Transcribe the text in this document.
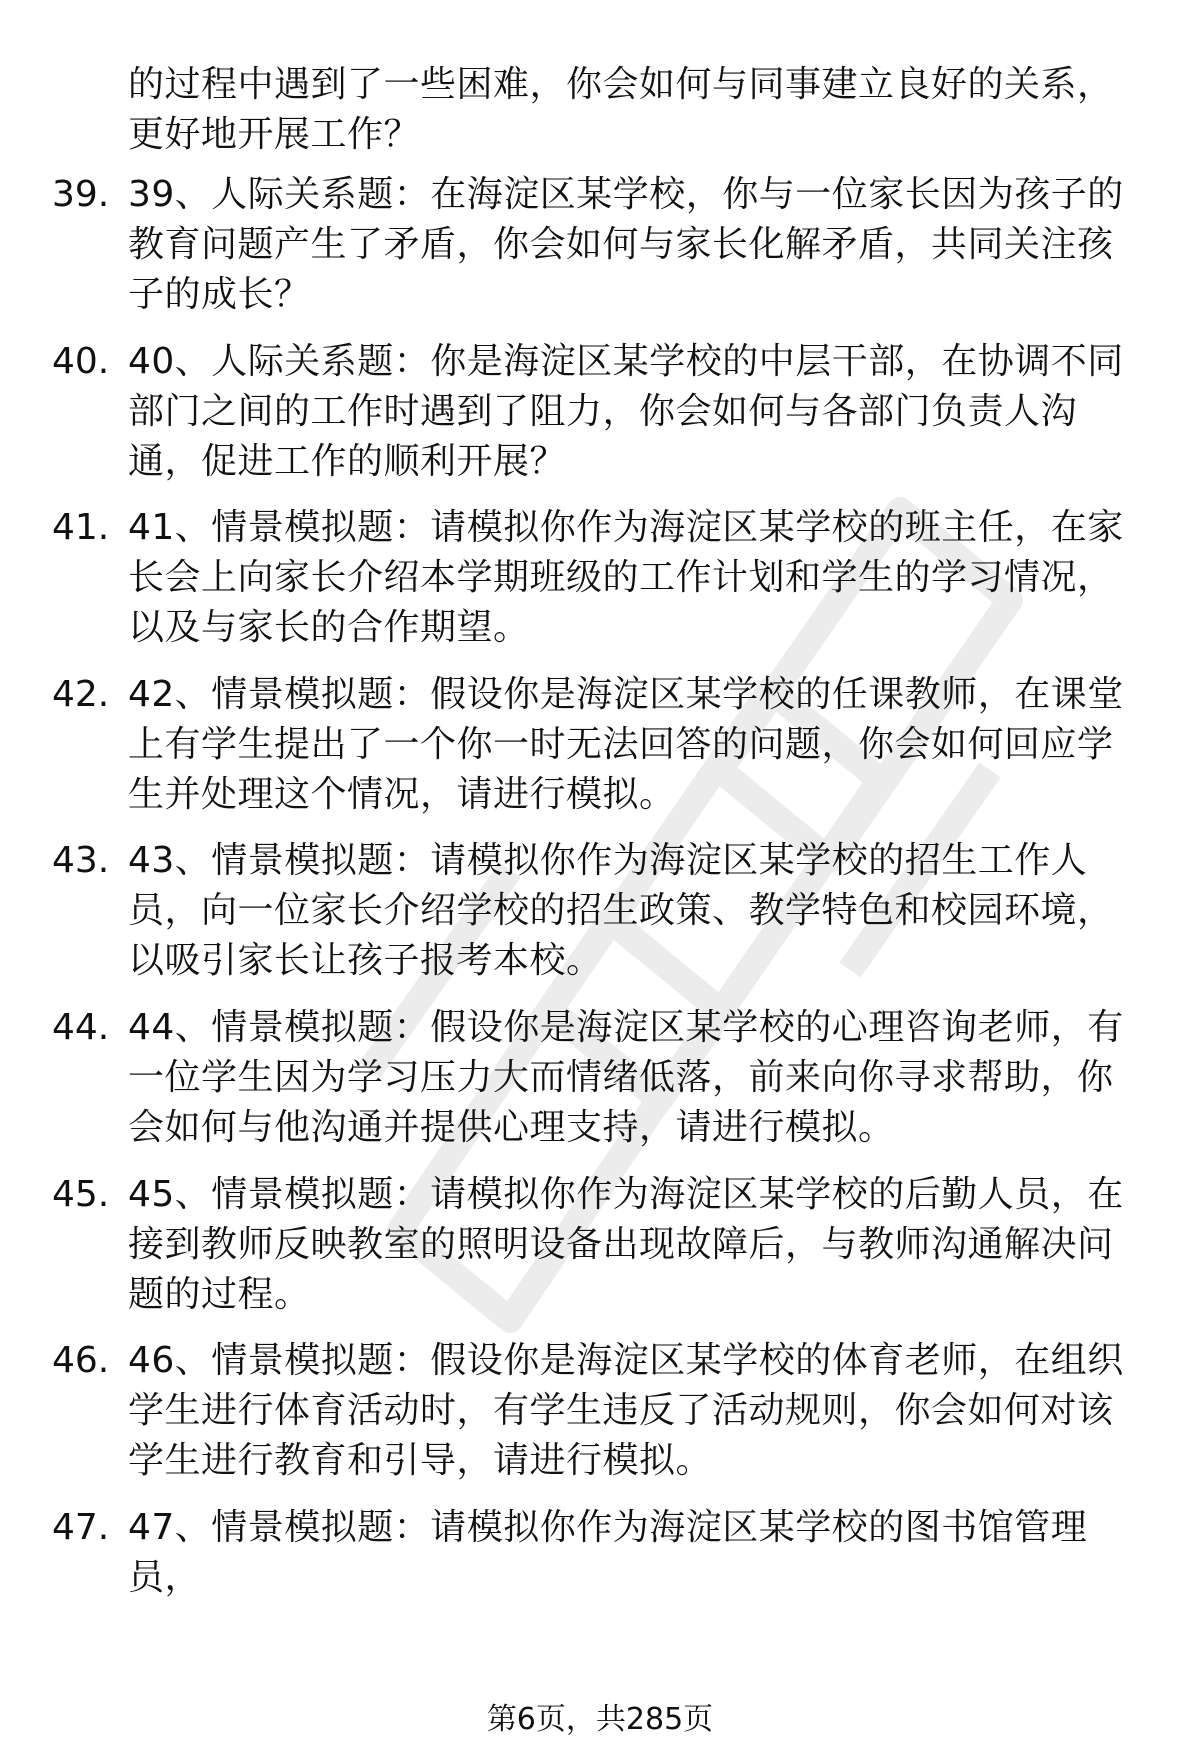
的过程中遇到了一些困难，你会如何与同事建立良好的关系，更好地开展工作？
39. 39、人际关系题：在海淀区某学校，你与一位家长因为孩子的教育问题产生了矛盾，你会如何与家长化解矛盾，共同关注孩子的成长？
40. 40、人际关系题：你是海淀区某学校的中层干部，在协调不同部门之间的工作时遇到了阻力，你会如何与各部门负责人沟通，促进工作的顺利开展？
41. 41、情景模拟题：请模拟你作为海淀区某学校的班主任，在家长会上向家长介绍本学期班级的工作计划和学生的学习情况，以及与家长的合作期望。
42. 42、情景模拟题：假设你是海淀区某学校的任课教师，在课堂上有学生提出了一个你一时无法回答的问题，你会如何回应学生并处理这个情况，请进行模拟。
43. 43、情景模拟题：请模拟你作为海淀区某学校的招生工作人员，向一位家长介绍学校的招生政策、教学特色和校园环境，以吸引家长让孩子报考本校。
44. 44、情景模拟题：假设你是海淀区某学校的心理咨询老师，有一位学生因为学习压力大而情绪低落，前来向你寻求帮助，你会如何与他沟通并提供心理支持，请进行模拟。
45. 45、情景模拟题：请模拟你作为海淀区某学校的后勤人员，在接到教师反映教室的照明设备出现故障后，与教师沟通解决问题的过程。
46. 46、情景模拟题：假设你是海淀区某学校的体育老师，在组织学生进行体育活动时，有学生违反了活动规则，你会如何对该学生进行教育和引导，请进行模拟。
47. 47、情景模拟题：请模拟你作为海淀区某学校的图书馆管理员，
第6页，共285页
